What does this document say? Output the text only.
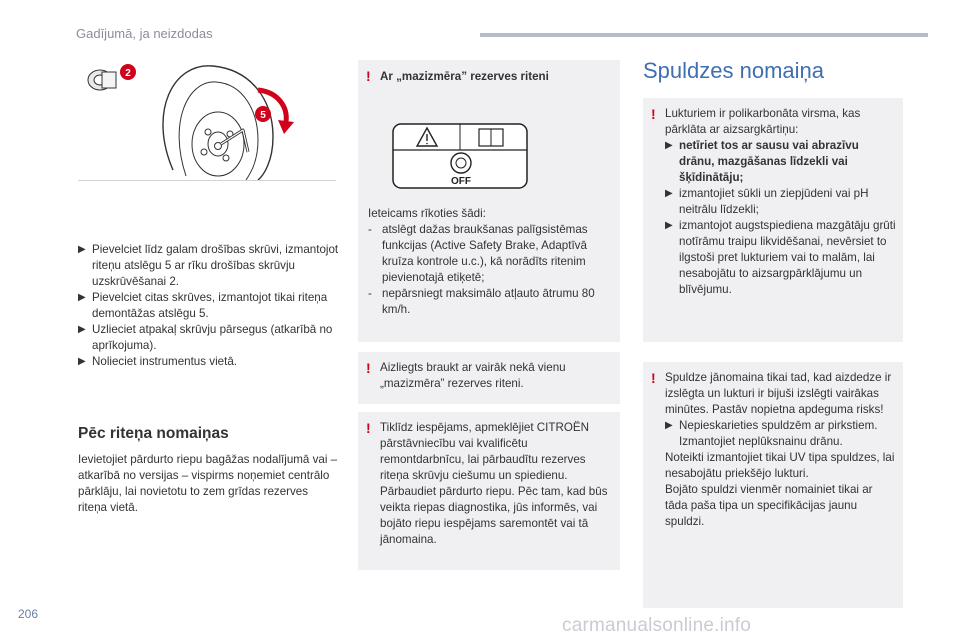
Gadījumā, ja neizdodas
2
5
▶ Pievelciet līdz galam drošības skrūvi, izmantojot riteņu atslēgu 5 ar rīku drošības skrūvju uzskrūvēšanai 2.
▶ Pievelciet citas skrūves, izmantojot tikai riteņa demontāžas atslēgu 5.
▶ Uzlieciet atpakaļ skrūvju pārsegus (atkarībā no aprīkojuma).
▶ Nolieciet instrumentus vietā.
Pēc riteņa nomaiņas
Ievietojiet pārdurto riepu bagāžas nodalījumā vai – atkarībā no versijas – vispirms noņemiet centrālo pārklāju, lai novietotu to zem grīdas rezerves riteņa vietā.
! Ar „mazizmēra” rezerves riteni
OFF
Ieteicams rīkoties šādi:
- atslēgt dažas braukšanas palīgsistēmas funkcijas (Active Safety Brake, Adaptīvā kruīza kontrole u.c.), kā norādīts ritenim pievienotajā etiķetē;
- nepārsniegt maksimālo atļauto ātrumu 80 km/h.
! Aizliegts braukt ar vairāk nekā vienu „mazizmēra” rezerves riteni.
! Tiklīdz iespējams, apmeklējiet CITROËN pārstāvniecību vai kvalificētu remontdarbnīcu, lai pārbaudītu rezerves riteņa skrūvju ciešumu un spiedienu. Pārbaudiet pārdurto riepu. Pēc tam, kad būs veikta riepas diagnostika, jūs informēs, vai bojāto riepu iespējams saremontēt vai tā jānomaina.
Spuldzes nomaiņa
! Lukturiem ir polikarbonāta virsma, kas pārklāta ar aizsargkārtiņu:
▶ netīriet tos ar sausu vai abrazīvu drānu, mazgāšanas līdzekli vai šķīdinātāju;
▶ izmantojiet sūkli un ziepjūdeni vai pH neitrālu līdzekli;
▶ izmantojot augstspiediena mazgātāju grūti notīrāmu traipu likvidēšanai, nevērsiet to ilgstoši pret lukturiem vai to malām, lai nesabojātu to aizsargpārklājumu un blīvējumu.
! Spuldze jānomaina tikai tad, kad aizdedze ir izslēgta un lukturi ir bijuši izslēgti vairākas minūtes. Pastāv nopietna apdeguma risks!
▶ Nepieskarieties spuldzēm ar pirkstiem. Izmantojiet neplūksnainu drānu.
Noteikti izmantojiet tikai UV tipa spuldzes, lai nesabojātu priekšējo lukturi.
Bojāto spuldzi vienmēr nomainiet tikai ar tāda paša tipa un specifikācijas jaunu spuldzi.
206
carmanualsonline.info
